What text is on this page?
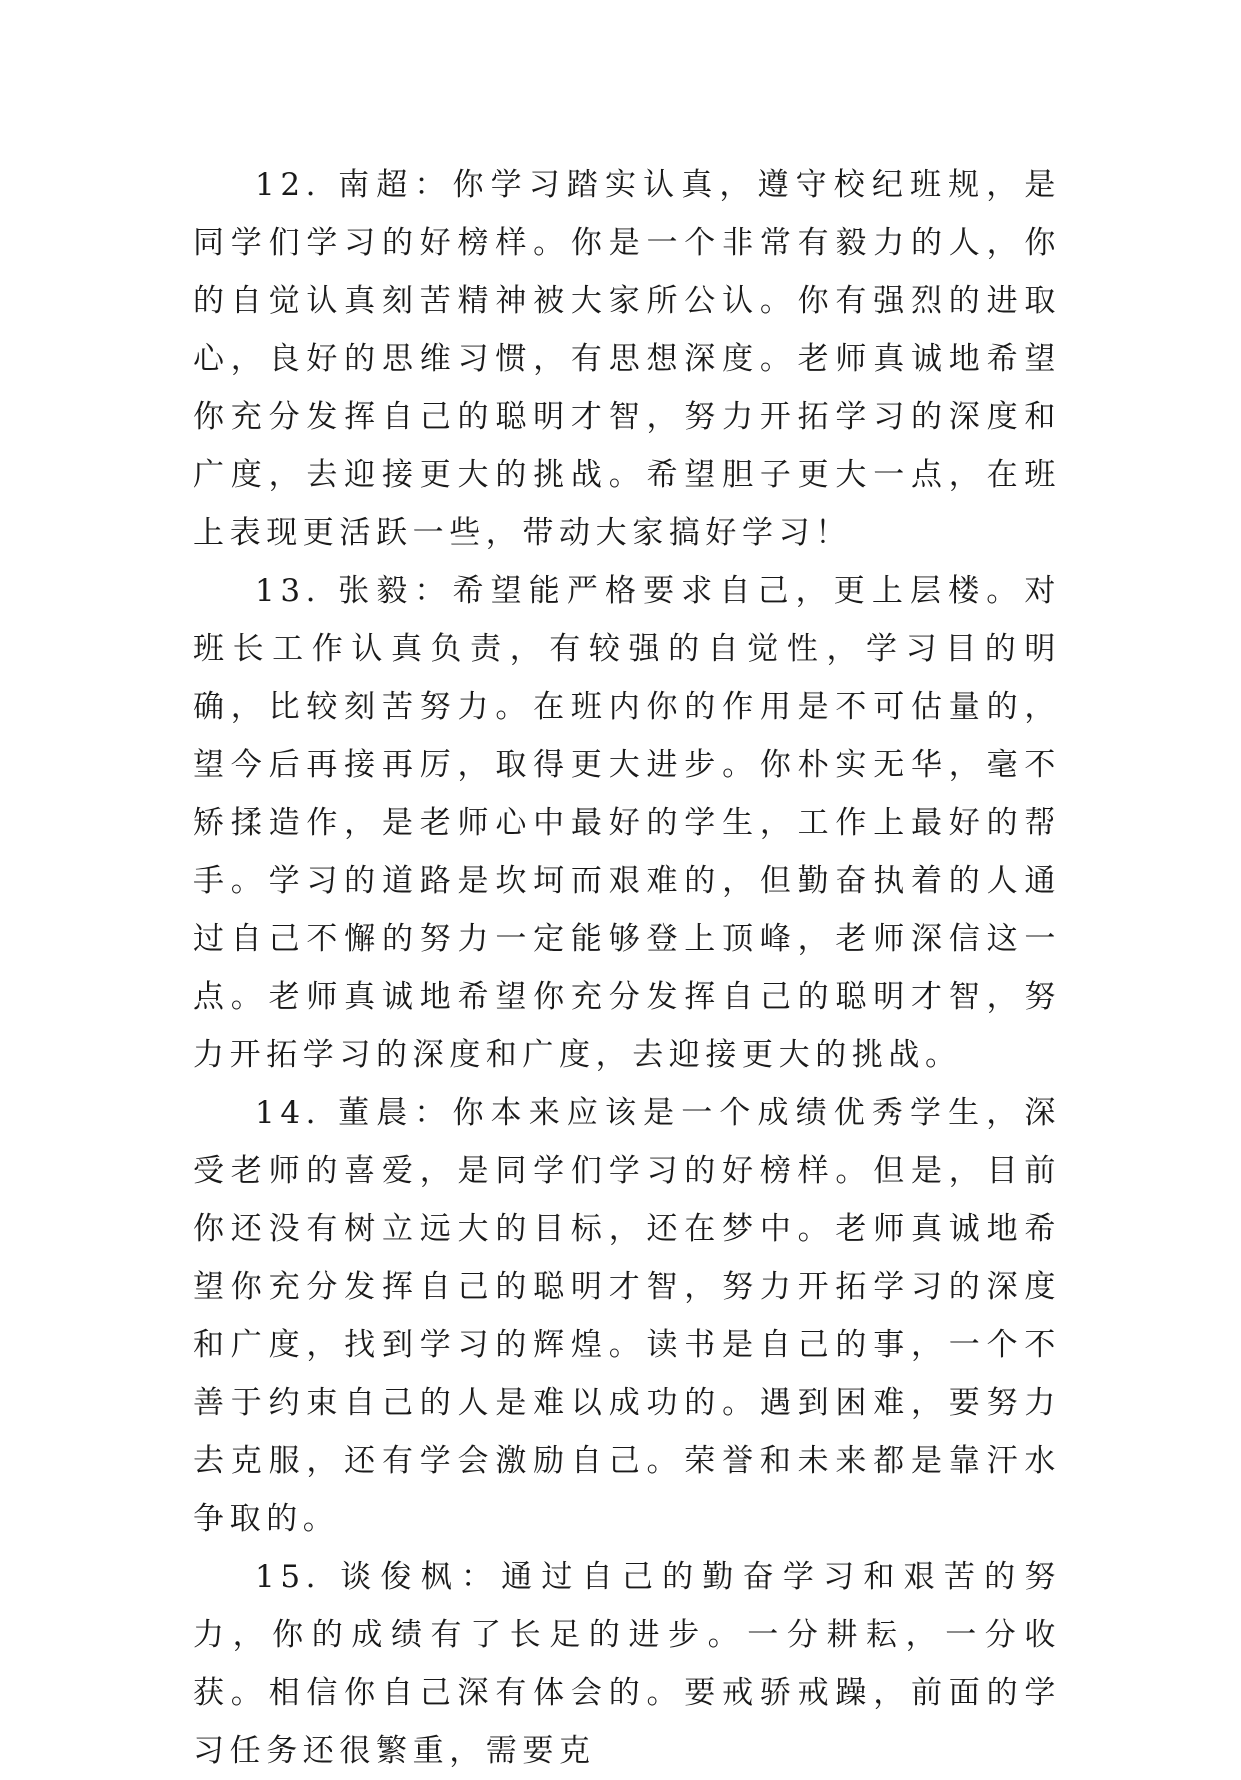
12. 南超：你学习踏实认真，遵守校纪班规，是同学们学习的好榜样。你是一个非常有毅力的人，你的自觉认真刻苦精神被大家所公认。你有强烈的进取心，良好的思维习惯，有思想深度。老师真诚地希望你充分发挥自己的聪明才智，努力开拓学习的深度和广度，去迎接更大的挑战。希望胆子更大一点，在班上表现更活跃一些，带动大家搞好学习！

13. 张毅：希望能严格要求自己，更上层楼。对班长工作认真负责，有较强的自觉性，学习目的明确，比较刻苦努力。在班内你的作用是不可估量的，望今后再接再厉，取得更大进步。你朴实无华，毫不矫揉造作，是老师心中最好的学生，工作上最好的帮手。学习的道路是坎坷而艰难的，但勤奋执着的人通过自己不懈的努力一定能够登上顶峰，老师深信这一点。老师真诚地希望你充分发挥自己的聪明才智，努力开拓学习的深度和广度，去迎接更大的挑战。

14. 董晨：你本来应该是一个成绩优秀学生，深受老师的喜爱，是同学们学习的好榜样。但是，目前你还没有树立远大的目标，还在梦中。老师真诚地希望你充分发挥自己的聪明才智，努力开拓学习的深度和广度，找到学习的辉煌。读书是自己的事，一个不善于约束自己的人是难以成功的。遇到困难，要努力去克服，还有学会激励自己。荣誉和未来都是靠汗水争取的。

15. 谈俊枫：通过自己的勤奋学习和艰苦的努力，你的成绩有了长足的进步。一分耕耘，一分收获。相信你自己深有体会的。要戒骄戒躁，前面的学习任务还很繁重，需要克
